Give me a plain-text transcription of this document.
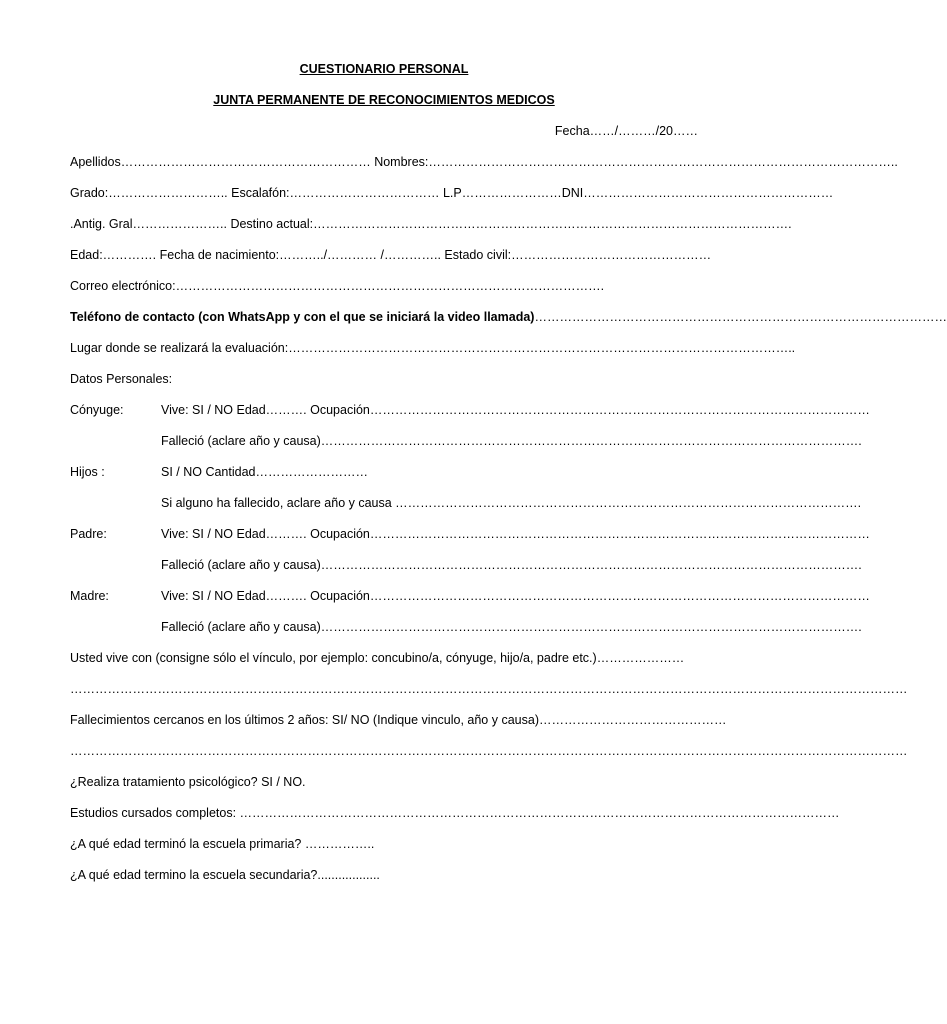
CUESTIONARIO PERSONAL
JUNTA PERMANENTE DE RECONOCIMIENTOS MEDICOS
Fecha……/………/20……
Apellidos…………………………………………………… Nombres:…………………………………………………………………………………………………..
Grado:……………………….. Escalafón:……………………………… L.P……………………DNI……………………………………………………
.Antig. Gral………………….. Destino actual:…………………………………………………………………………………………………….
Edad:…………. Fecha de nacimiento:………../………… /………….. Estado civil:…………………………………………
Correo electrónico:………………………………………………………………………………………….
Teléfono de contacto (con WhatsApp y con el que se iniciará la video llamada)………………………………………………………………………………………
Lugar donde se realizará la evaluación:…………………………………………………………………………………………………………..
Datos Personales:
Cónyuge:	Vive: SI / NO Edad………. Ocupación…………………………………………………………………………………………………………
Falleció (aclare año y causa)………………………………………………………………………………………………………………….
Hijos :	SI / NO Cantidad………………………
Si alguno ha fallecido, aclare año y causa ………………………………………………………………………………………………….
Padre:	Vive: SI / NO Edad………. Ocupación…………………………………………………………………………………………………………
Falleció (aclare año y causa)………………………………………………………………………………………………………………….
Madre:	Vive: SI / NO Edad………. Ocupación…………………………………………………………………………………………………………
Falleció (aclare año y causa)………………………………………………………………………………………………………………….
Usted vive con (consigne sólo el vínculo, por ejemplo: concubino/a, cónyuge, hijo/a, padre etc.)…………………
…………………………………………………………………………………………………………………………………………………………………………………
Fallecimientos cercanos en los últimos 2 años: SI/ NO (Indique vinculo, año y causa)………………………………………
…………………………………………………………………………………………………………………………………………………………………………………
¿Realiza tratamiento psicológico? SI / NO.
Estudios cursados completos: ………………………………………………………………………………………………………………………………
¿A qué edad terminó la escuela primaria? ……………..
¿A qué edad termino la escuela secundaria?..................
